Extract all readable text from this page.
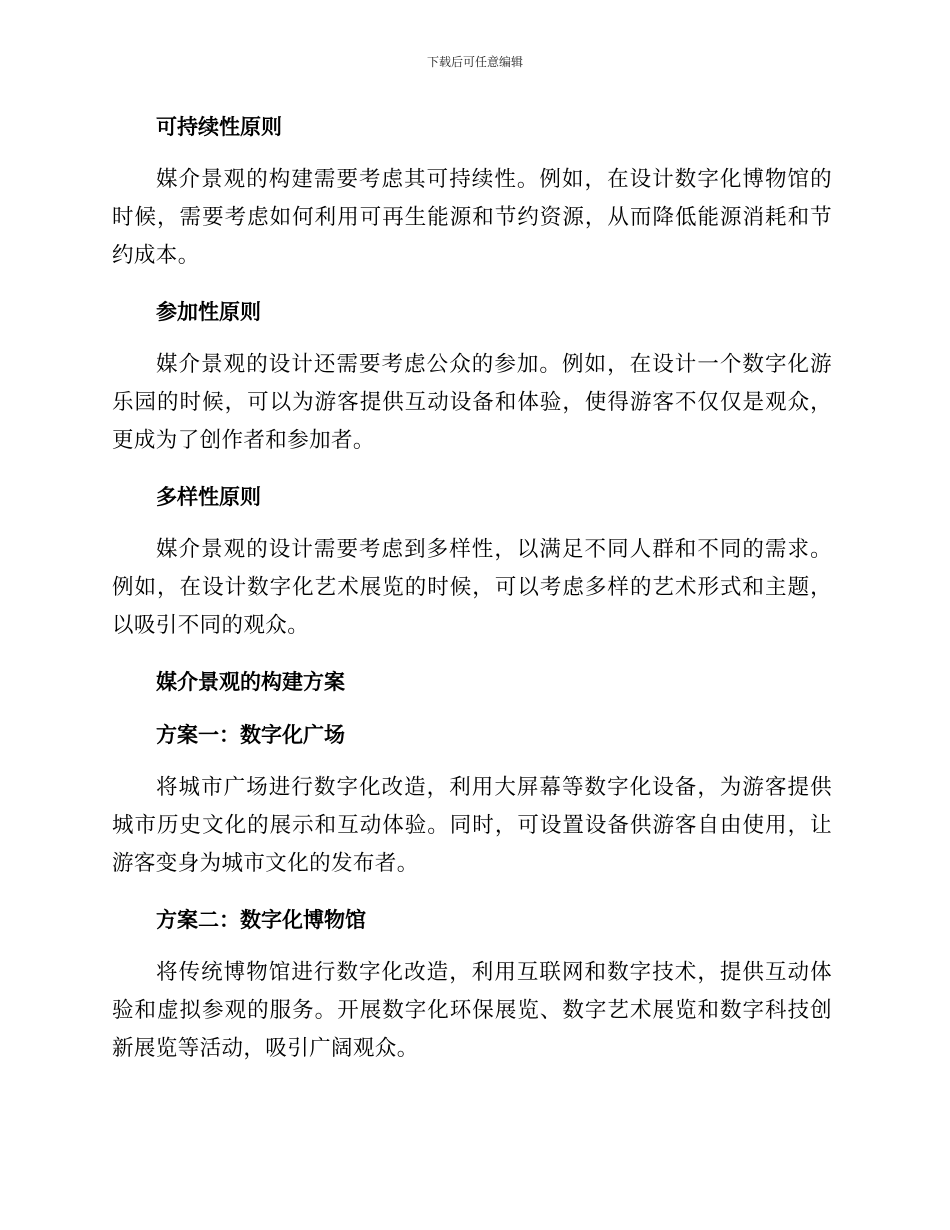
下载后可任意编辑
可持续性原则

媒介景观的构建需要考虑其可持续性。例如，在设计数字化博物馆的时候，需要考虑如何利用可再生能源和节约资源，从而降低能源消耗和节约成本。

参加性原则

媒介景观的设计还需要考虑公众的参加。例如，在设计一个数字化游乐园的时候，可以为游客提供互动设备和体验，使得游客不仅仅是观众，更成为了创作者和参加者。

多样性原则

媒介景观的设计需要考虑到多样性，以满足不同人群和不同的需求。例如，在设计数字化艺术展览的时候，可以考虑多样的艺术形式和主题，以吸引不同的观众。

媒介景观的构建方案
方案一：数字化广场

将城市广场进行数字化改造，利用大屏幕等数字化设备，为游客提供城市历史文化的展示和互动体验。同时，可设置设备供游客自由使用，让游客变身为城市文化的发布者。

方案二：数字化博物馆

将传统博物馆进行数字化改造，利用互联网和数字技术，提供互动体验和虚拟参观的服务。开展数字化环保展览、数字艺术展览和数字科技创新展览等活动，吸引广阔观众。
